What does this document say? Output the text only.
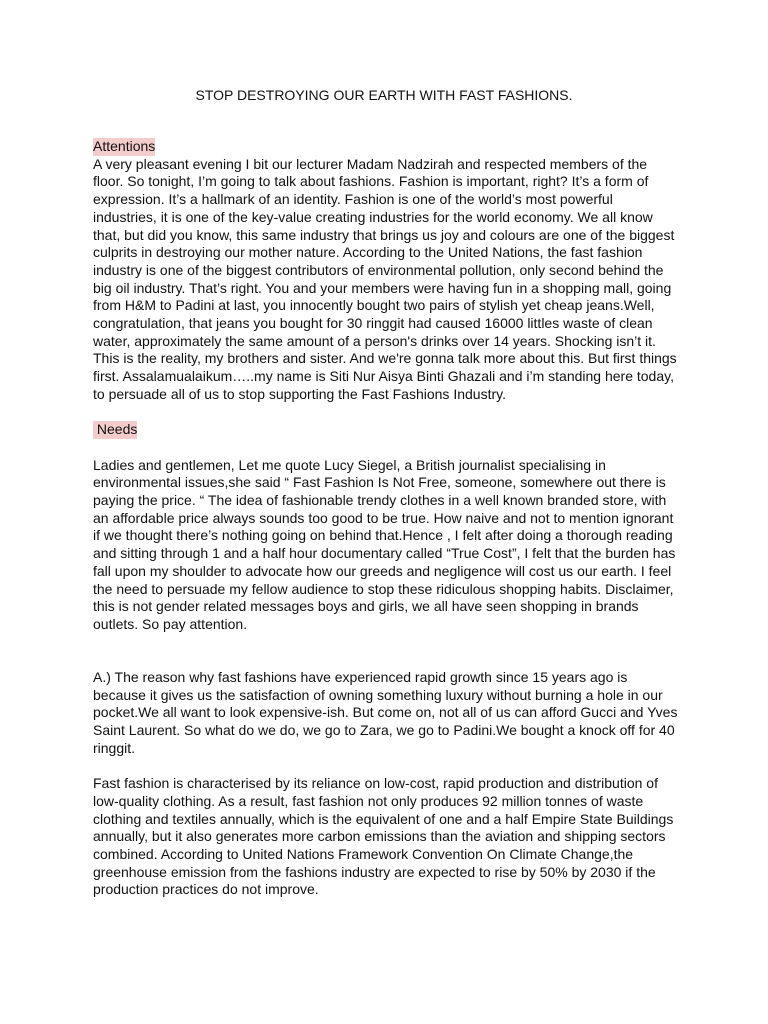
STOP DESTROYING OUR EARTH WITH FAST FASHIONS.
Attentions

A very pleasant evening I bit our lecturer Madam Nadzirah and respected members of the floor. So tonight, I’m going to talk about fashions. Fashion is important, right? It’s a form of expression. It’s a hallmark of an identity. Fashion is one of the world’s most powerful industries, it is one of the key-value creating industries for the world economy. We all know that, but did you know, this same industry that brings us joy and colours are one of the biggest culprits in destroying our mother nature. According to the United Nations, the fast fashion industry is one of the biggest contributors of environmental pollution, only second behind the big oil industry. That’s right. You and your members were having fun in a shopping mall, going from H&M to Padini at last, you innocently bought two pairs of stylish yet cheap jeans.Well, congratulation, that jeans you bought for 30 ringgit had caused 16000 littles waste of clean water, approximately the same amount of a person's drinks over 14 years. Shocking isn’t it. This is the reality, my brothers and sister. And we're gonna talk more about this. But first things first. Assalamualaikum…..my name is Siti Nur Aisya Binti Ghazali and i’m standing here today, to persuade all of us to stop supporting the Fast Fashions Industry.

Needs

Ladies and gentlemen, Let me quote Lucy Siegel, a British journalist specialising in environmental issues,she said “ Fast Fashion Is Not Free, someone, somewhere out there is paying the price. “ The idea of fashionable trendy clothes in a well known branded store, with an affordable price always sounds too good to be true. How naive and not to mention ignorant if we thought there’s nothing going on behind that.Hence , I felt after doing a thorough reading and sitting through 1 and a half hour documentary called “True Cost”, I felt that the burden has fall upon my shoulder to advocate how our greeds and negligence will cost us our earth. I feel the need to persuade my fellow audience to stop these ridiculous shopping habits. Disclaimer, this is not gender related messages boys and girls, we all have seen shopping in brands outlets. So pay attention.

A.) The reason why fast fashions have experienced rapid growth since 15 years ago is because it gives us the satisfaction of owning something luxury without burning a hole in our pocket.We all want to look expensive-ish. But come on, not all of us can afford Gucci and Yves Saint Laurent. So what do we do, we go to Zara, we go to Padini.We bought a knock off for 40 ringgit.

Fast fashion is characterised by its reliance on low-cost, rapid production and distribution of low-quality clothing. As a result, fast fashion not only produces 92 million tonnes of waste clothing and textiles annually, which is the equivalent of one and a half Empire State Buildings annually, but it also generates more carbon emissions than the aviation and shipping sectors combined. According to United Nations Framework Convention On Climate Change,the greenhouse emission from the fashions industry are expected to rise by 50% by 2030 if the production practices do not improve.
